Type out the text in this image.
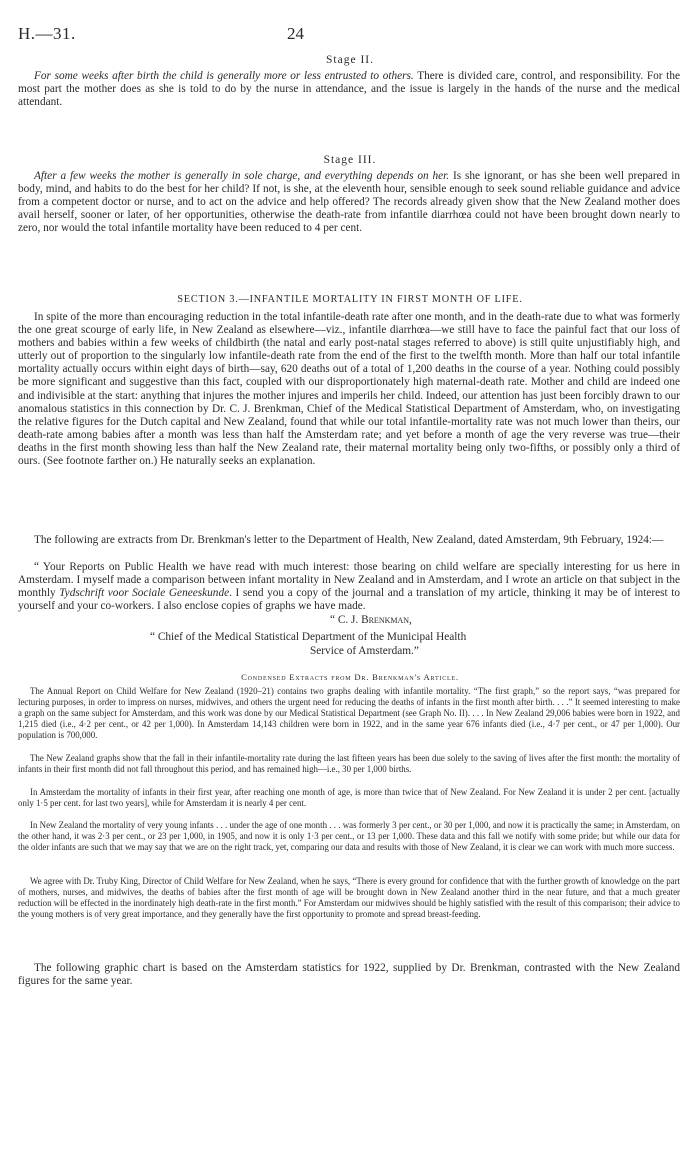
H.—31.	24
Stage II.

For some weeks after birth the child is generally more or less entrusted to others. There is divided care, control, and responsibility. For the most part the mother does as she is told to do by the nurse in attendance, and the issue is largely in the hands of the nurse and the medical attendant.

Stage III.

After a few weeks the mother is generally in sole charge, and everything depends on her. Is she ignorant, or has she been well prepared in body, mind, and habits to do the best for her child? If not, is she, at the eleventh hour, sensible enough to seek sound reliable guidance and advice from a competent doctor or nurse, and to act on the advice and help offered? The records already given show that the New Zealand mother does avail herself, sooner or later, of her opportunities, otherwise the death-rate from infantile diarrhœa could not have been brought down nearly to zero, nor would the total infantile mortality have been reduced to 4 per cent.

SECTION 3.—INFANTILE MORTALITY IN FIRST MONTH OF LIFE.

In spite of the more than encouraging reduction in the total infantile-death rate after one month, and in the death-rate due to what was formerly the one great scourge of early life, in New Zealand as elsewhere—viz., infantile diarrhœa—we still have to face the painful fact that our loss of mothers and babies within a few weeks of childbirth (the natal and early post-natal stages referred to above) is still quite unjustifiably high, and utterly out of proportion to the singularly low infantile-death rate from the end of the first to the twelfth month. More than half our total infantile mortality actually occurs within eight days of birth—say, 620 deaths out of a total of 1,200 deaths in the course of a year. Nothing could possibly be more significant and suggestive than this fact, coupled with our disproportionately high maternal-death rate. Mother and child are indeed one and indivisible at the start: anything that injures the mother injures and imperils her child. Indeed, our attention has just been forcibly drawn to our anomalous statistics in this connection by Dr. C. J. Brenkman, Chief of the Medical Statistical Department of Amsterdam, who, on investigating the relative figures for the Dutch capital and New Zealand, found that while our total infantile-mortality rate was not much lower than theirs, our death-rate among babies after a month was less than half the Amsterdam rate; and yet before a month of age the very reverse was true—their deaths in the first month showing less than half the New Zealand rate, their maternal mortality being only two-fifths, or possibly only a third of ours. (See footnote farther on.) He naturally seeks an explanation.

The following are extracts from Dr. Brenkman's letter to the Department of Health, New Zealand, dated Amsterdam, 9th February, 1924:—

“ Your Reports on Public Health we have read with much interest: those bearing on child welfare are specially interesting for us here in Amsterdam. I myself made a comparison between infant mortality in New Zealand and in Amsterdam, and I wrote an article on that subject in the monthly Tydschrift voor Sociale Geneeskunde. I send you a copy of the journal and a translation of my article, thinking it may be of interest to yourself and your co-workers. I also enclose copies of graphs we have made.

“ C. J. Brenkman,
“ Chief of the Medical Statistical Department of the Municipal Health
Service of Amsterdam.”
Condensed Extracts from Dr. Brenkman's Article.

The Annual Report on Child Welfare for New Zealand (1920–21) contains two graphs dealing with infantile mortality. “The first graph,” so the report says, “was prepared for lecturing purposes, in order to impress on nurses, midwives, and others the urgent need for reducing the deaths of infants in the first month after birth. . . .” It seemed interesting to make a graph on the same subject for Amsterdam, and this work was done by our Medical Statistical Department (see Graph No. II). . . . In New Zealand 29,006 babies were born in 1922, and 1,215 died (i.e., 4·2 per cent., or 42 per 1,000). In Amsterdam 14,143 children were born in 1922, and in the same year 676 infants died (i.e., 4·7 per cent., or 47 per 1,000). Our population is 700,000.

The New Zealand graphs show that the fall in their infantile-mortality rate during the last fifteen years has been due solely to the saving of lives after the first month: the mortality of infants in their first month did not fall throughout this period, and has remained high—i.e., 30 per 1,000 births.

In Amsterdam the mortality of infants in their first year, after reaching one month of age, is more than twice that of New Zealand. For New Zealand it is under 2 per cent. [actually only 1·5 per cent. for last two years], while for Amsterdam it is nearly 4 per cent.

In New Zealand the mortality of very young infants . . . under the age of one month . . . was formerly 3 per cent., or 30 per 1,000, and now it is practically the same; in Amsterdam, on the other hand, it was 2·3 per cent., or 23 per 1,000, in 1905, and now it is only 1·3 per cent., or 13 per 1,000. These data and this fall we notify with some pride; but while our data for the older infants are such that we may say that we are on the right track, yet, comparing our data and results with those of New Zealand, it is clear we can work with much more success.

We agree with Dr. Truby King, Director of Child Welfare for New Zealand, when he says, “There is every ground for confidence that with the further growth of knowledge on the part of mothers, nurses, and midwives, the deaths of babies after the first month of age will be brought down in New Zealand another third in the near future, and that a much greater reduction will be effected in the inordinately high death-rate in the first month.” For Amsterdam our midwives should be highly satisfied with the result of this comparison; their advice to the young mothers is of very great importance, and they generally have the first opportunity to promote and spread breast-feeding.

The following graphic chart is based on the Amsterdam statistics for 1922, supplied by Dr. Brenkman, contrasted with the New Zealand figures for the same year.
